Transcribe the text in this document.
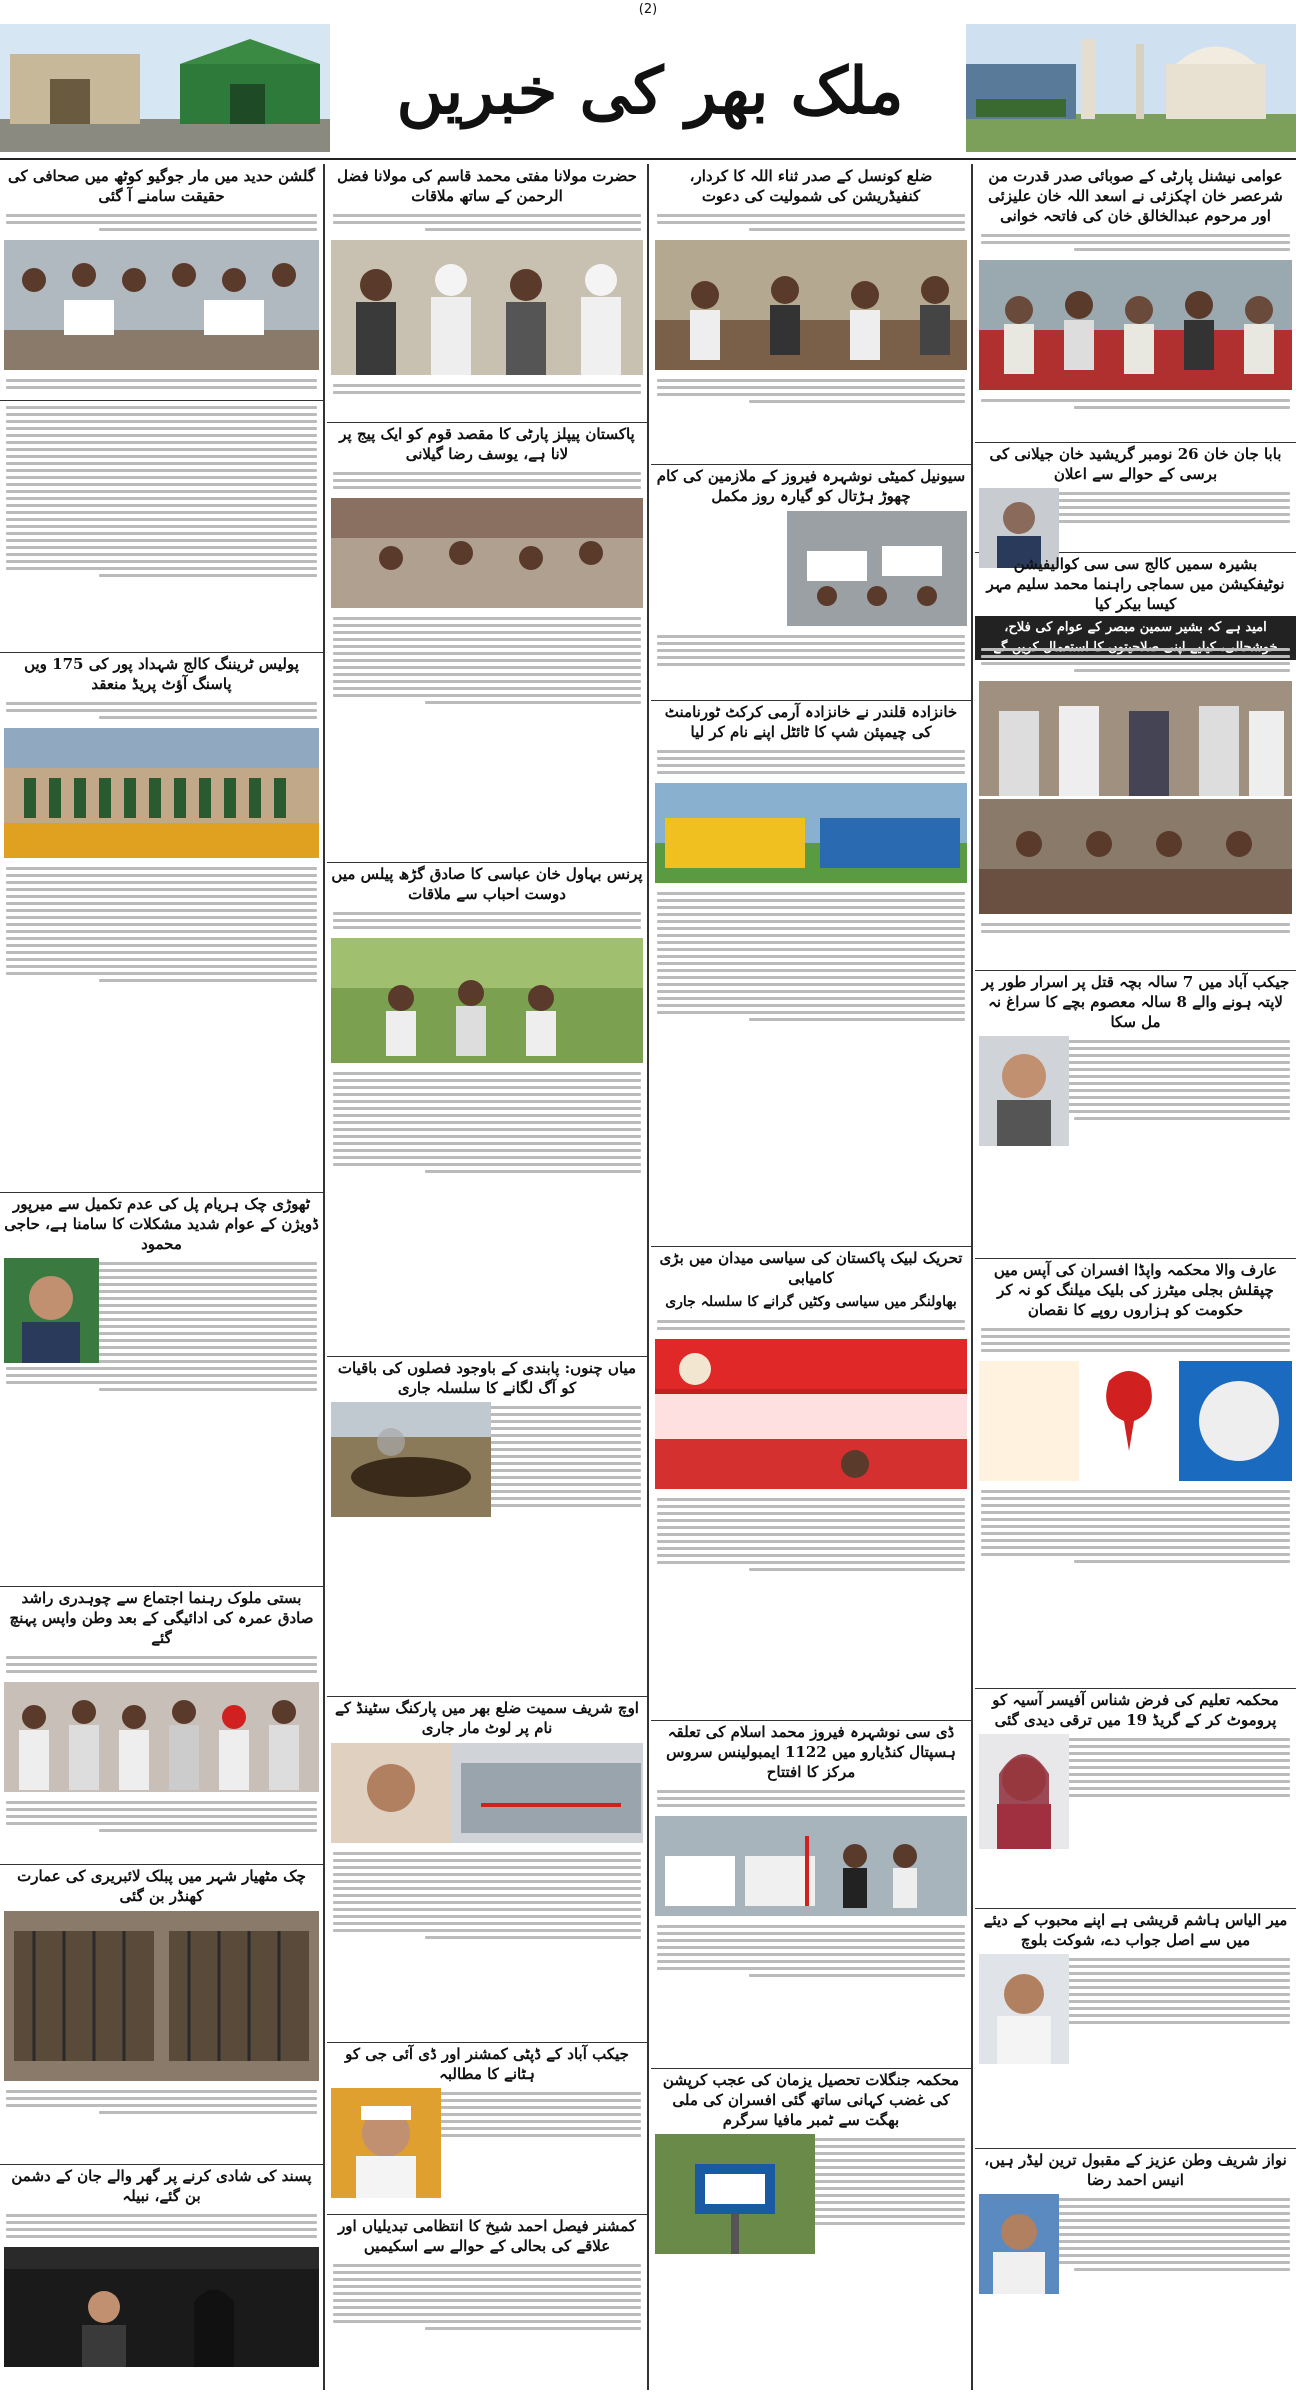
(2)
ملک بھر کی خبریں
عوامی نیشنل پارٹی کے صوبائی صدر قدرت من شرعصر خان اچکزئی نے اسعد اللہ خان علیزئی اور مرحوم عبدالخالق خان کی فاتحہ خوانی
بابا جان خان 26 نومبر گریشید خان جیلانی کی برسی کے حوالے سے اعلان
بشیرہ سمیں کالج سی سی کوالیفیشن نوٹیفکیشن میں سماجی راہنما محمد سلیم مہر کیسا بیکر کیا
امید ہے کہ بشیر سمین مبصر کے عوام کی فلاح،
جیکب آباد میں 7 سالہ بچہ قتل پر اسرار طور پر لاپتہ ہونے والے 8 سالہ معصوم بچے کا سراغ نہ مل سکا
عارف والا محکمہ واپڈا افسران کی آپس میں چپقلش بجلی میٹرز کی بلیک میلنگ کو نہ کر حکومت کو ہزاروں روپے کا نقصان
محکمہ تعلیم کی فرض شناس آفیسر آسیہ کو پروموٹ کر کے گریڈ 19 میں ترقی دیدی گئی
میر الیاس ہاشم قریشی ہے اپنے محبوب کے دیئے میں سے اصل جواب دے، شوکت بلوچ
نواز شریف وطن عزیز کے مقبول ترین لیڈر ہیں، انیس احمد رضا
ضلع کونسل کے صدر ثناء اللہ کا کردار، کنفیڈریشن کی شمولیت کی دعوت
سیونیل کمیٹی نوشہرہ فیروز کے ملازمین کی کام چھوڑ ہڑتال کو گیارہ روز مکمل
خانزادہ قلندر نے خانزادہ آرمی کرکٹ ٹورنامنٹ کی چیمپئن شپ کا ٹائٹل اپنے نام کر لیا
تحریک لبیک پاکستان کی سیاسی میدان میں بڑی کامیابی
بھاولنگر میں سیاسی وکٹیں گرانے کا سلسلہ جاری
ڈی سی نوشہرہ فیروز محمد اسلام کی تعلقہ ہسپتال کنڈیارو میں 1122 ایمبولینس سروس مرکز کا افتتاح
محکمہ جنگلات تحصیل یزمان کی عجب کرپشن کی غضب کہانی ساتھ گئی افسران کی ملی بھگت سے ٹمبر مافیا سرگرم
حضرت مولانا مفتی محمد قاسم کی مولانا فضل الرحمن کے ساتھ ملاقات
پاکستان پیپلز پارٹی کا مقصد قوم کو ایک پیج پر لانا ہے، یوسف رضا گیلانی
پرنس بہاول خان عباسی کا صادق گڑھ پیلس میں دوست احباب سے ملاقات
میاں چنوں: پابندی کے باوجود فصلوں کی باقیات کو آگ لگانے کا سلسلہ جاری
اوچ شریف سمیت ضلع بھر میں پارکنگ سٹینڈ کے نام پر لوٹ مار جاری
جیکب آباد کے ڈپٹی کمشنر اور ڈی آئی جی کو ہٹانے کا مطالبہ
کمشنر فیصل احمد شیخ کا انتظامی تبدیلیاں اور علاقے کی بحالی کے حوالے سے اسکیمیں
گلشن حدید میں مار جوگیو کوٹھ میں صحافی کی حقیقت سامنے آ گئی
پولیس ٹریننگ کالج شہداد پور کی 175 ویں پاسنگ آؤٹ پریڈ منعقد
ٹھوڑی چک ہریام پل کی عدم تکمیل سے میرپور ڈویژن کے عوام شدید مشکلات کا سامنا ہے، حاجی محمود
بستی ملوک رہنما اجتماع سے چوہدری راشد صادق عمرہ کی ادائیگی کے بعد وطن واپس پہنچ گئے
چک مٹھیار شہر میں پبلک لائبریری کی عمارت کھنڈر بن گئی
پسند کی شادی کرنے پر گھر والے جان کے دشمن بن گئے، نبیلہ
